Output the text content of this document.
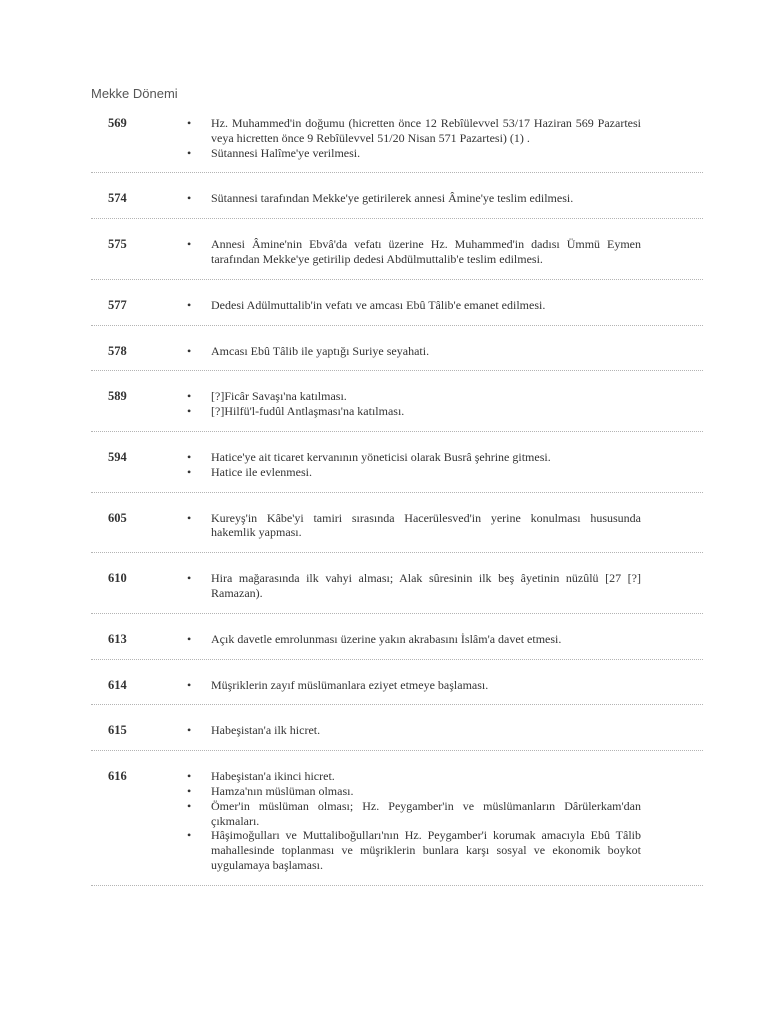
Mekke Dönemi
569	• Hz. Muhammed'in doğumu (hicretten önce 12 Rebîülevvel 53/17 Haziran 569 Pazartesi veya hicretten önce 9 Rebîülevvel 51/20 Nisan 571 Pazartesi) (1) .
• Sütannesi Halîme'ye verilmesi.
574	• Sütannesi tarafından Mekke'ye getirilerek annesi Âmine'ye teslim edilmesi.
575	• Annesi Âmine'nin Ebvâ'da vefatı üzerine Hz. Muhammed'in dadısı Ümmü Eymen tarafından Mekke'ye getirilip dedesi Abdülmuttalib'e teslim edilmesi.
577	• Dedesi Adülmuttalib'in vefatı ve amcası Ebû Tâlib'e emanet edilmesi.
578	• Amcası Ebû Tâlib ile yaptığı Suriye seyahati.
589	• [?]Ficâr Savaşı'na katılması.
• [?]Hilfü'l-fudûl Antlaşması'na katılması.
594	• Hatice'ye ait ticaret kervanının yöneticisi olarak Busrâ şehrine gitmesi.
• Hatice ile evlenmesi.
605	• Kureyş'in Kâbe'yi tamiri sırasında Hacerülesved'in yerine konulması hususunda hakemlik yapması.
610	• Hira mağarasında ilk vahyi alması; Alak sûresinin ilk beş âyetinin nüzûlü [27 [?] Ramazan).
613	• Açık davetle emrolunması üzerine yakın akrabasını İslâm'a davet etmesi.
614	• Müşriklerin zayıf müslümanlara eziyet etmeye başlaması.
615	• Habeşistan'a ilk hicret.
616	• Habeşistan'a ikinci hicret.
• Hamza'nın müslüman olması.
• Ömer'in müslüman olması; Hz. Peygamber'in ve müslümanların Dârülerkam'dan çıkmaları.
• Hâşimoğulları ve Muttaliboğulları'nın Hz. Peygamber'i korumak amacıyla Ebû Tâlib mahallesinde toplanması ve müşriklerin bunlara karşı sosyal ve ekonomik boykot uygulamaya başlaması.
